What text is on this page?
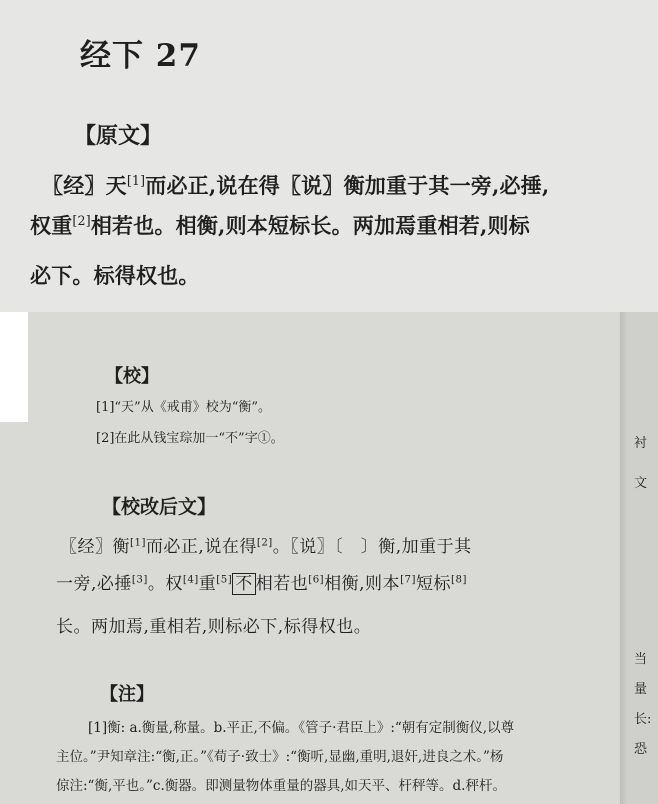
经下 27
【原文】
〖经〗天[1]而必正,说在得〖说〗衡加重于其一旁,必捶,
权重[2]相若也。相衡,则本短标长。两加焉重相若,则标
必下。标得权也。
【校】
[1]“天”从《戒甫》校为“衡”。
[2]在此从钱宝琮加一“不”字①。
【校改后文】
〖经〗衡[1]而必正,说在得[2]。〖说〗〔　〕衡,加重于其
一旁,必捶[3]。权[4]重[5] 不 相若也[6]相衡,则本[7]短标[8]
长。两加焉,重相若,则标必下,标得权也。
【注】
[1]衡: a.衡量,称量。b.平正,不偏。《管子·君臣上》:“朝有定制衡仪,以尊
主位。”尹知章注:“衡,正。”《荀子·致士》:“衡听,显幽,重明,退奸,进良之术。”杨
倞注:“衡,平也。”c.衡器。即测量物体重量的器具,如天平、杆秤等。d.秤杆。
衬
文
当
量
长:
恐
